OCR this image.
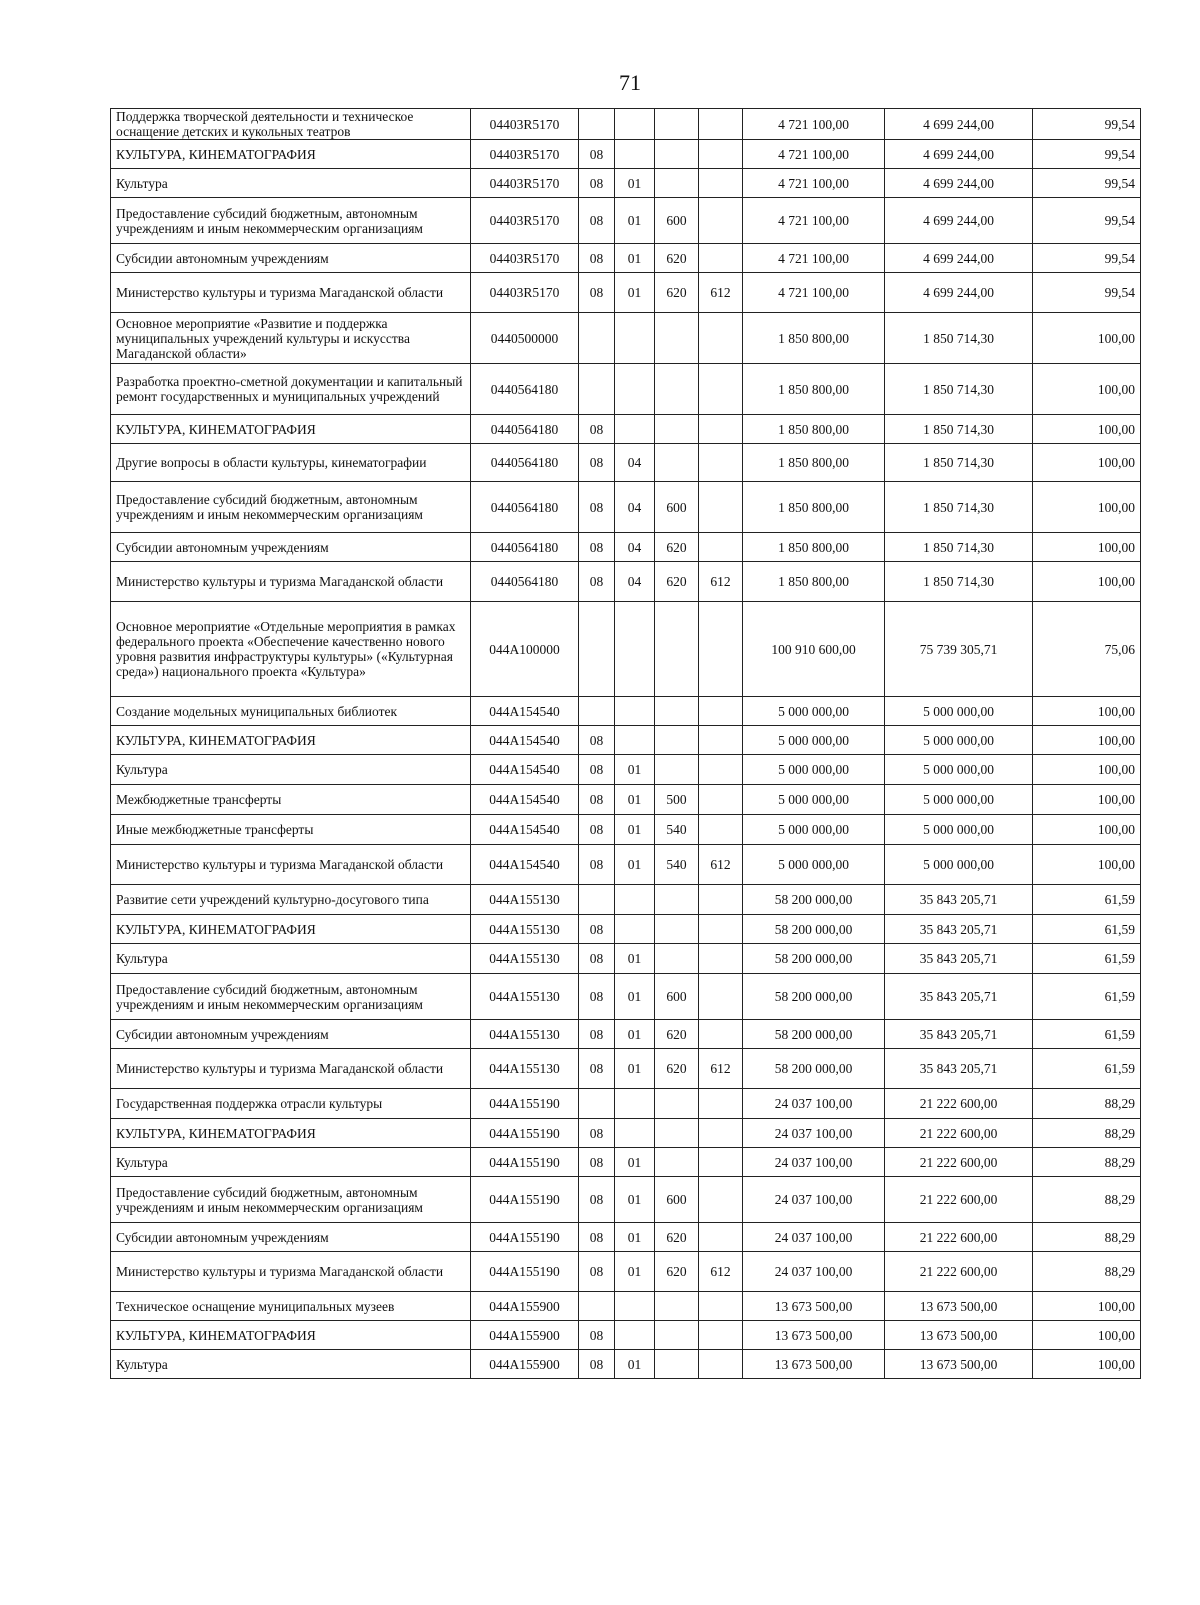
71
Поддержка творческой деятельности и техническое оснащение детских и кукольных театров	04403R5170					4 721 100,00	4 699 244,00	99,54
КУЛЬТУРА, КИНЕМАТОГРАФИЯ	04403R5170	08				4 721 100,00	4 699 244,00	99,54
Культура	04403R5170	08	01			4 721 100,00	4 699 244,00	99,54
Предоставление субсидий бюджетным, автономным учреждениям и иным некоммерческим организациям	04403R5170	08	01	600		4 721 100,00	4 699 244,00	99,54
Субсидии автономным учреждениям	04403R5170	08	01	620		4 721 100,00	4 699 244,00	99,54
Министерство культуры и туризма Магаданской области	04403R5170	08	01	620	612	4 721 100,00	4 699 244,00	99,54
Основное мероприятие «Развитие и поддержка муниципальных учреждений культуры и искусства Магаданской области»	0440500000					1 850 800,00	1 850 714,30	100,00
Разработка проектно-сметной документации и капитальный ремонт государственных и муниципальных учреждений	0440564180					1 850 800,00	1 850 714,30	100,00
КУЛЬТУРА, КИНЕМАТОГРАФИЯ	0440564180	08				1 850 800,00	1 850 714,30	100,00
Другие вопросы в области культуры, кинематографии	0440564180	08	04			1 850 800,00	1 850 714,30	100,00
Предоставление субсидий бюджетным, автономным учреждениям и иным некоммерческим организациям	0440564180	08	04	600		1 850 800,00	1 850 714,30	100,00
Субсидии автономным учреждениям	0440564180	08	04	620		1 850 800,00	1 850 714,30	100,00
Министерство культуры и туризма Магаданской области	0440564180	08	04	620	612	1 850 800,00	1 850 714,30	100,00
Основное мероприятие «Отдельные мероприятия в рамках федерального проекта «Обеспечение качественно нового уровня развития инфраструктуры культуры» («Культурная среда») национального проекта «Культура»	044A100000					100 910 600,00	75 739 305,71	75,06
Создание модельных муниципальных библиотек	044A154540					5 000 000,00	5 000 000,00	100,00
КУЛЬТУРА, КИНЕМАТОГРАФИЯ	044A154540	08				5 000 000,00	5 000 000,00	100,00
Культура	044A154540	08	01			5 000 000,00	5 000 000,00	100,00
Межбюджетные трансферты	044A154540	08	01	500		5 000 000,00	5 000 000,00	100,00
Иные межбюджетные трансферты	044A154540	08	01	540		5 000 000,00	5 000 000,00	100,00
Министерство культуры и туризма Магаданской области	044A154540	08	01	540	612	5 000 000,00	5 000 000,00	100,00
Развитие сети учреждений культурно-досугового типа	044A155130					58 200 000,00	35 843 205,71	61,59
КУЛЬТУРА, КИНЕМАТОГРАФИЯ	044A155130	08				58 200 000,00	35 843 205,71	61,59
Культура	044A155130	08	01			58 200 000,00	35 843 205,71	61,59
Предоставление субсидий бюджетным, автономным учреждениям и иным некоммерческим организациям	044A155130	08	01	600		58 200 000,00	35 843 205,71	61,59
Субсидии автономным учреждениям	044A155130	08	01	620		58 200 000,00	35 843 205,71	61,59
Министерство культуры и туризма Магаданской области	044A155130	08	01	620	612	58 200 000,00	35 843 205,71	61,59
Государственная поддержка отрасли культуры	044A155190					24 037 100,00	21 222 600,00	88,29
КУЛЬТУРА, КИНЕМАТОГРАФИЯ	044A155190	08				24 037 100,00	21 222 600,00	88,29
Культура	044A155190	08	01			24 037 100,00	21 222 600,00	88,29
Предоставление субсидий бюджетным, автономным учреждениям и иным некоммерческим организациям	044A155190	08	01	600		24 037 100,00	21 222 600,00	88,29
Субсидии автономным учреждениям	044A155190	08	01	620		24 037 100,00	21 222 600,00	88,29
Министерство культуры и туризма Магаданской области	044A155190	08	01	620	612	24 037 100,00	21 222 600,00	88,29
Техническое оснащение муниципальных музеев	044A155900					13 673 500,00	13 673 500,00	100,00
КУЛЬТУРА, КИНЕМАТОГРАФИЯ	044A155900	08				13 673 500,00	13 673 500,00	100,00
Культура	044A155900	08	01			13 673 500,00	13 673 500,00	100,00
